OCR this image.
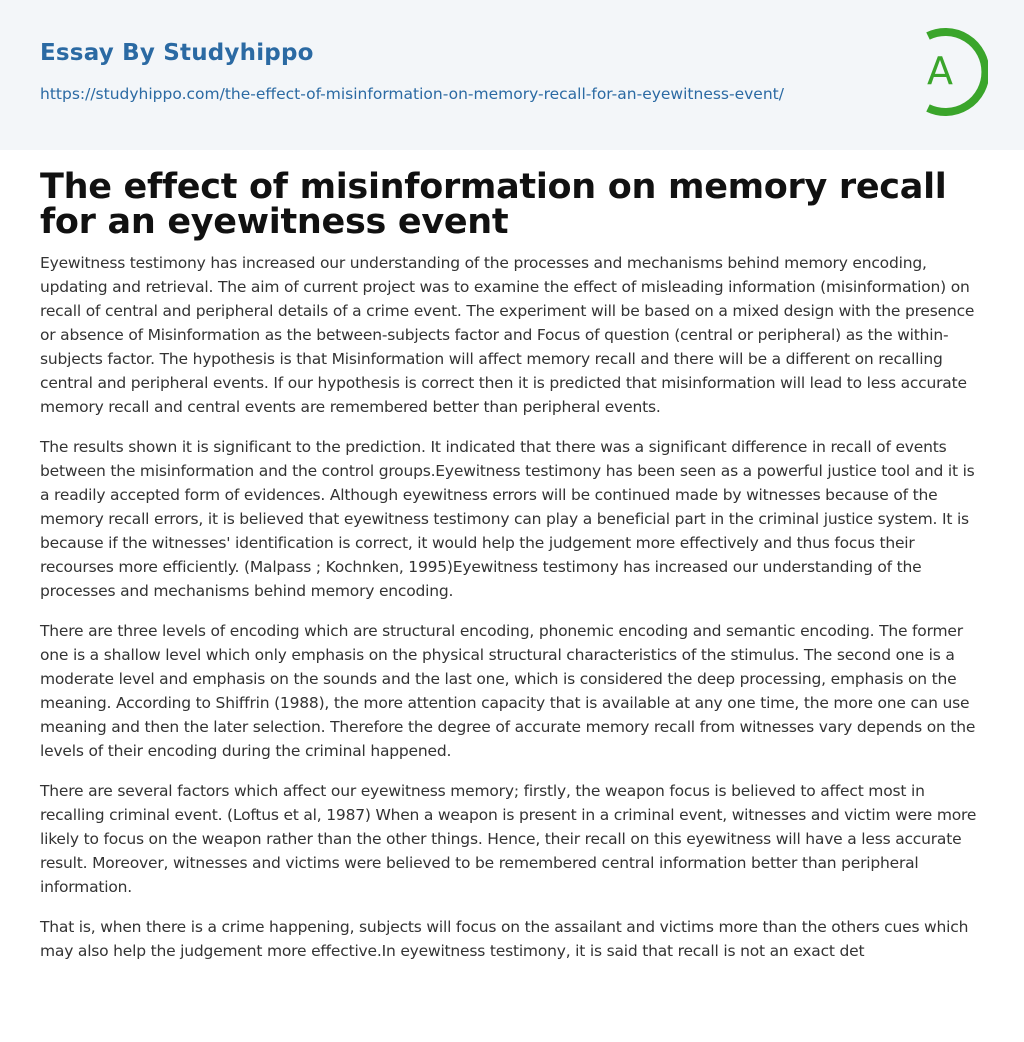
Essay By Studyhippo
https://studyhippo.com/the-effect-of-misinformation-on-memory-recall-for-an-eyewitness-event/
A
The effect of misinformation on memory recall for an eyewitness event

Eyewitness testimony has increased our understanding of the processes and mechanisms behind memory encoding, updating and retrieval. The aim of current project was to examine the effect of misleading information (misinformation) on recall of central and peripheral details of a crime event. The experiment will be based on a mixed design with the presence or absence of Misinformation as the between-subjects factor and Focus of question (central or peripheral) as the within-subjects factor. The hypothesis is that Misinformation will affect memory recall and there will be a different on recalling central and peripheral events. If our hypothesis is correct then it is predicted that misinformation will lead to less accurate memory recall and central events are remembered better than peripheral events.

The results shown it is significant to the prediction. It indicated that there was a significant difference in recall of events between the misinformation and the control groups.Eyewitness testimony has been seen as a powerful justice tool and it is a readily accepted form of evidences. Although eyewitness errors will be continued made by witnesses because of the memory recall errors, it is believed that eyewitness testimony can play a beneficial part in the criminal justice system. It is because if the witnesses' identification is correct, it would help the judgement more effectively and thus focus their recourses more efficiently. (Malpass ; Kochnken, 1995)Eyewitness testimony has increased our understanding of the processes and mechanisms behind memory encoding.

There are three levels of encoding which are structural encoding, phonemic encoding and semantic encoding. The former one is a shallow level which only emphasis on the physical structural characteristics of the stimulus. The second one is a moderate level and emphasis on the sounds and the last one, which is considered the deep processing, emphasis on the meaning. According to Shiffrin (1988), the more attention capacity that is available at any one time, the more one can use meaning and then the later selection. Therefore the degree of accurate memory recall from witnesses vary depends on the levels of their encoding during the criminal happened.

There are several factors which affect our eyewitness memory; firstly, the weapon focus is believed to affect most in recalling criminal event. (Loftus et al, 1987) When a weapon is present in a criminal event, witnesses and victim were more likely to focus on the weapon rather than the other things. Hence, their recall on this eyewitness will have a less accurate result. Moreover, witnesses and victims were believed to be remembered central information better than peripheral information.

That is, when there is a crime happening, subjects will focus on the assailant and victims more than the others cues which may also help the judgement more effective.In eyewitness testimony, it is said that recall is not an exact det
